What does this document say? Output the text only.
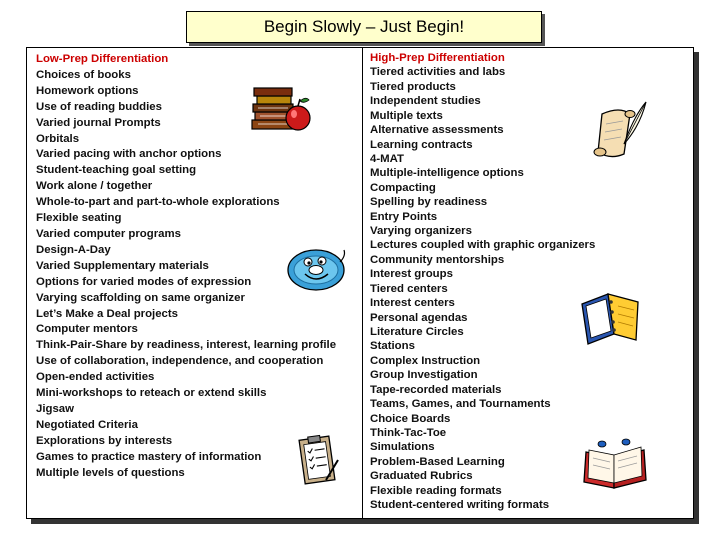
Begin Slowly – Just Begin!
Low-Prep Differentiation
Choices of books
Homework options
Use of reading buddies
Varied journal Prompts
Orbitals
Varied pacing with anchor options
Student-teaching goal setting
Work alone / together
Whole-to-part and part-to-whole explorations
Flexible seating
Varied computer programs
Design-A-Day
Varied Supplementary materials
Options for varied modes of expression
Varying scaffolding on same organizer
Let’s Make a Deal projects
Computer mentors
Think-Pair-Share by readiness, interest, learning profile
Use of collaboration, independence, and cooperation
Open-ended activities
Mini-workshops to reteach or extend skills
Jigsaw
Negotiated Criteria
Explorations by interests
Games to practice mastery of information
Multiple levels of questions
High-Prep Differentiation
Tiered activities and labs
Tiered products
Independent studies
Multiple texts
Alternative assessments
Learning contracts
4-MAT
Multiple-intelligence options
Compacting
Spelling by readiness
Entry Points
Varying organizers
Lectures coupled with graphic organizers
Community mentorships
Interest groups
Tiered centers
Interest centers
Personal agendas
Literature Circles
Stations
Complex Instruction
Group Investigation
Tape-recorded materials
Teams, Games, and Tournaments
Choice Boards
Think-Tac-Toe
Simulations
Problem-Based Learning
Graduated Rubrics
Flexible reading formats
Student-centered writing formats
